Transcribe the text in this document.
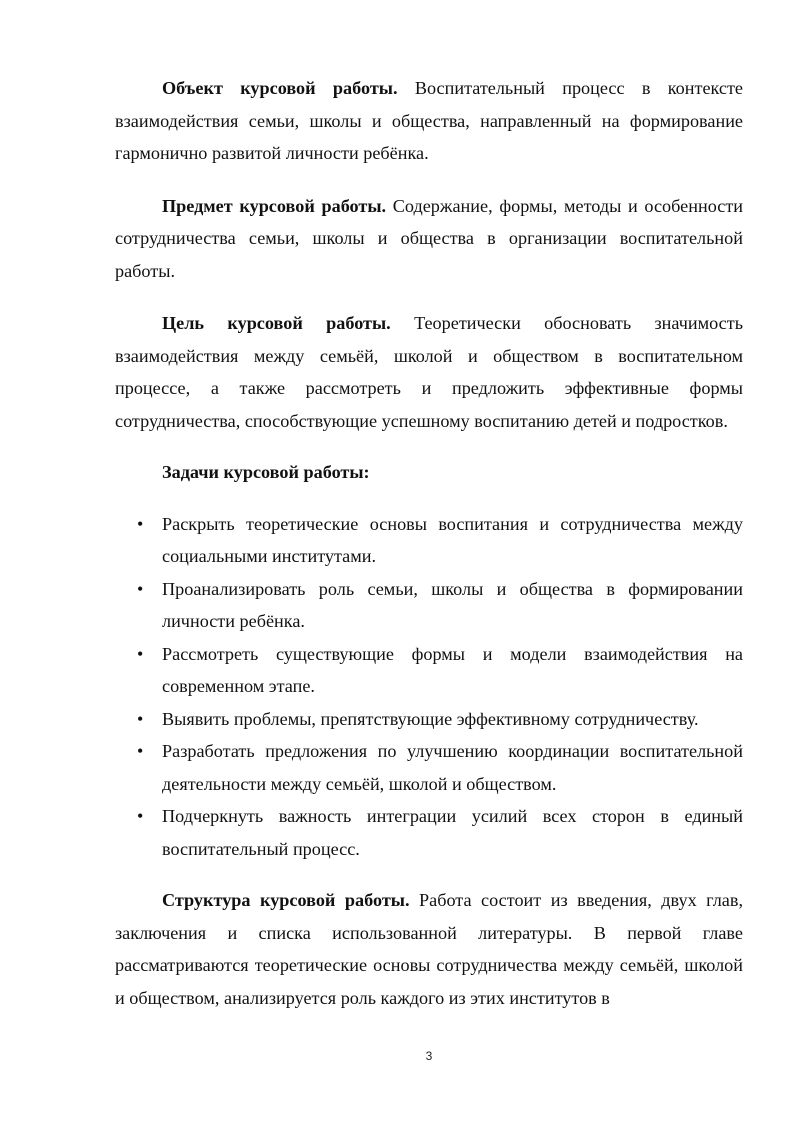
Объект курсовой работы. Воспитательный процесс в контексте взаимодействия семьи, школы и общества, направленный на формирование гармонично развитой личности ребёнка.

Предмет курсовой работы. Содержание, формы, методы и особенности сотрудничества семьи, школы и общества в организации воспитательной работы.

Цель курсовой работы. Теоретически обосновать значимость взаимодействия между семьёй, школой и обществом в воспитательном процессе, а также рассмотреть и предложить эффективные формы сотрудничества, способствующие успешному воспитанию детей и подростков.

Задачи курсовой работы:

• Раскрыть теоретические основы воспитания и сотрудничества между социальными институтами.
• Проанализировать роль семьи, школы и общества в формировании личности ребёнка.
• Рассмотреть существующие формы и модели взаимодействия на современном этапе.
• Выявить проблемы, препятствующие эффективному сотрудничеству.
• Разработать предложения по улучшению координации воспитательной деятельности между семьёй, школой и обществом.
• Подчеркнуть важность интеграции усилий всех сторон в единый воспитательный процесс.

Структура курсовой работы. Работа состоит из введения, двух глав, заключения и списка использованной литературы. В первой главе рассматриваются теоретические основы сотрудничества между семьёй, школой и обществом, анализируется роль каждого из этих институтов в

3
